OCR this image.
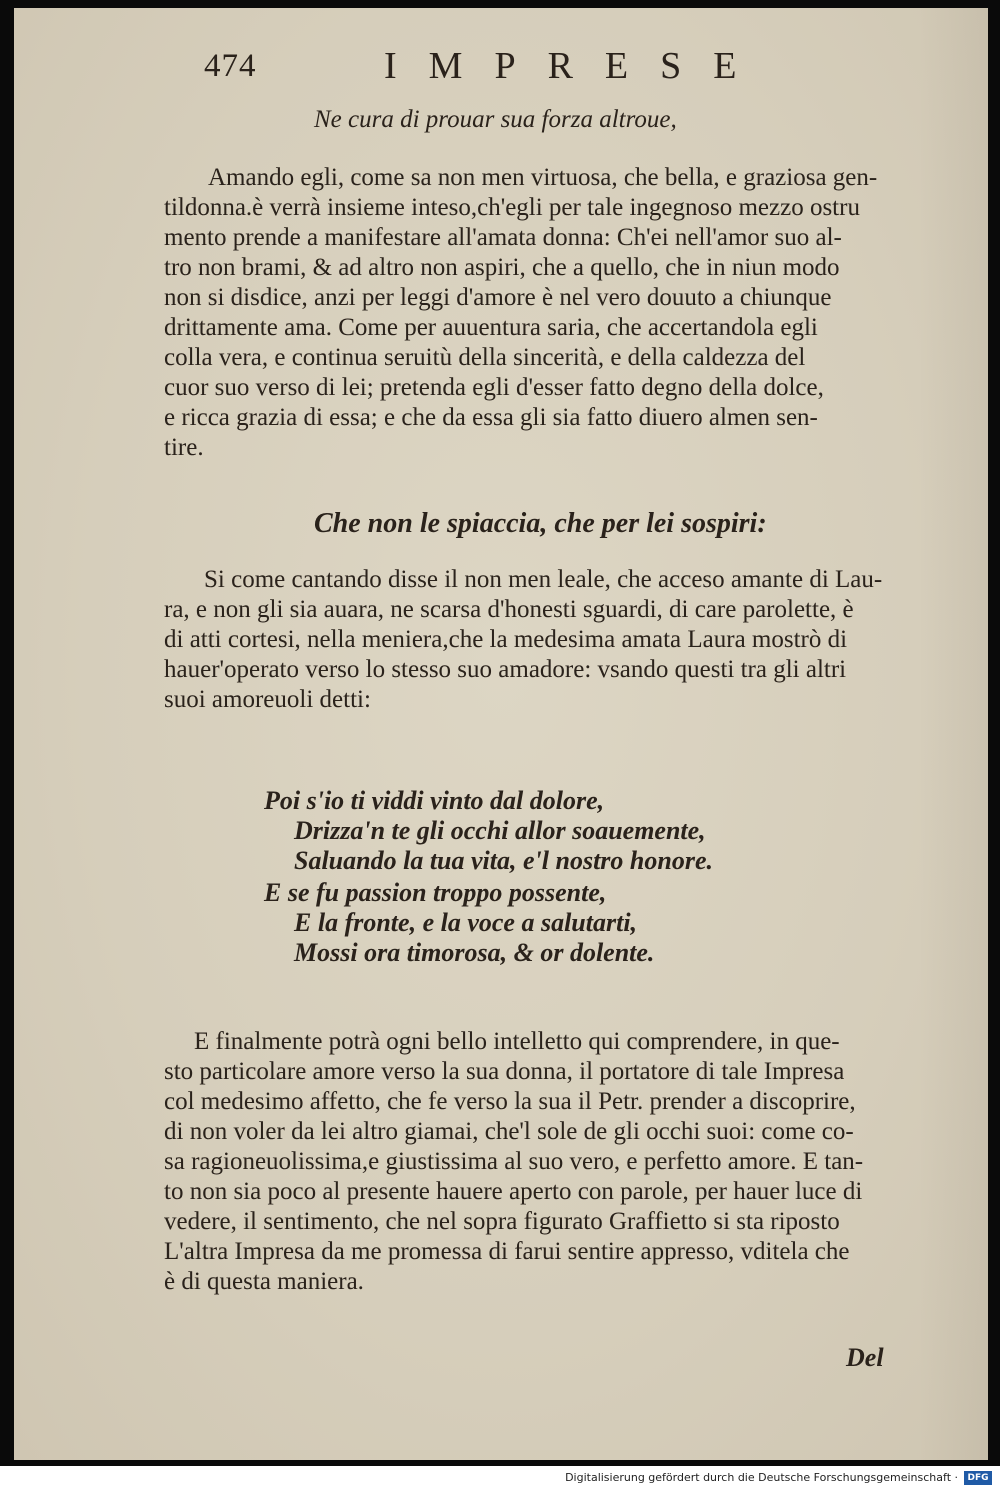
474	IMPRESE
Ne cura di prouar sua forza altroue,
Amando egli, come sa non men virtuosa, che bella, e graziosa gen-
tildonna.è verrà insieme inteso,ch'egli per tale ingegnoso mezzo ostru
mento prende a manifestare all'amata donna: Ch'ei nell'amor suo al-
tro non brami, & ad altro non aspiri, che a quello, che in niun modo
non si disdice, anzi per leggi d'amore è nel vero douuto a chiunque
drittamente ama. Come per auuentura saria, che accertandola egli
colla vera, e continua seruitù della sincerità, e della caldezza del
cuor suo verso di lei; pretenda egli d'esser fatto degno della dolce,
e ricca grazia di essa; e che da essa gli sia fatto diuero almen sen-
tire.
Che non le spiaccia, che per lei sospiri:
Si come cantando disse il non men leale, che acceso amante di Lau-
ra, e non gli sia auara, ne scarsa d'honesti sguardi, di care parolette, è
di atti cortesi, nella meniera,che la medesima amata Laura mostrò di
hauer'operato verso lo stesso suo amadore: vsando questi tra gli altri
suoi amoreuoli detti:
Poi s'io ti viddi vinto dal dolore,
Drizza'n te gli occhi allor soauemente,
Saluando la tua vita, e'l nostro honore.
E se fu passion troppo possente,
E la fronte, e la voce a salutarti,
Mossi ora timorosa, & or dolente.
E finalmente potrà ogni bello intelletto qui comprendere, in que-
sto particolare amore verso la sua donna, il portatore di tale Impresa
col medesimo affetto, che fe verso la sua il Petr. prender a discoprire,
di non voler da lei altro giamai, che'l sole de gli occhi suoi: come co-
sa ragioneuolissima,e giustissima al suo vero, e perfetto amore. E tan-
to non sia poco al presente hauere aperto con parole, per hauer luce di
vedere, il sentimento, che nel sopra figurato Graffietto si sta riposto
L'altra Impresa da me promessa di farui sentire appresso, vditela che
è di questa maniera.
Del
Digitalisierung gefördert durch die Deutsche Forschungsgemeinschaft ·	DFG
